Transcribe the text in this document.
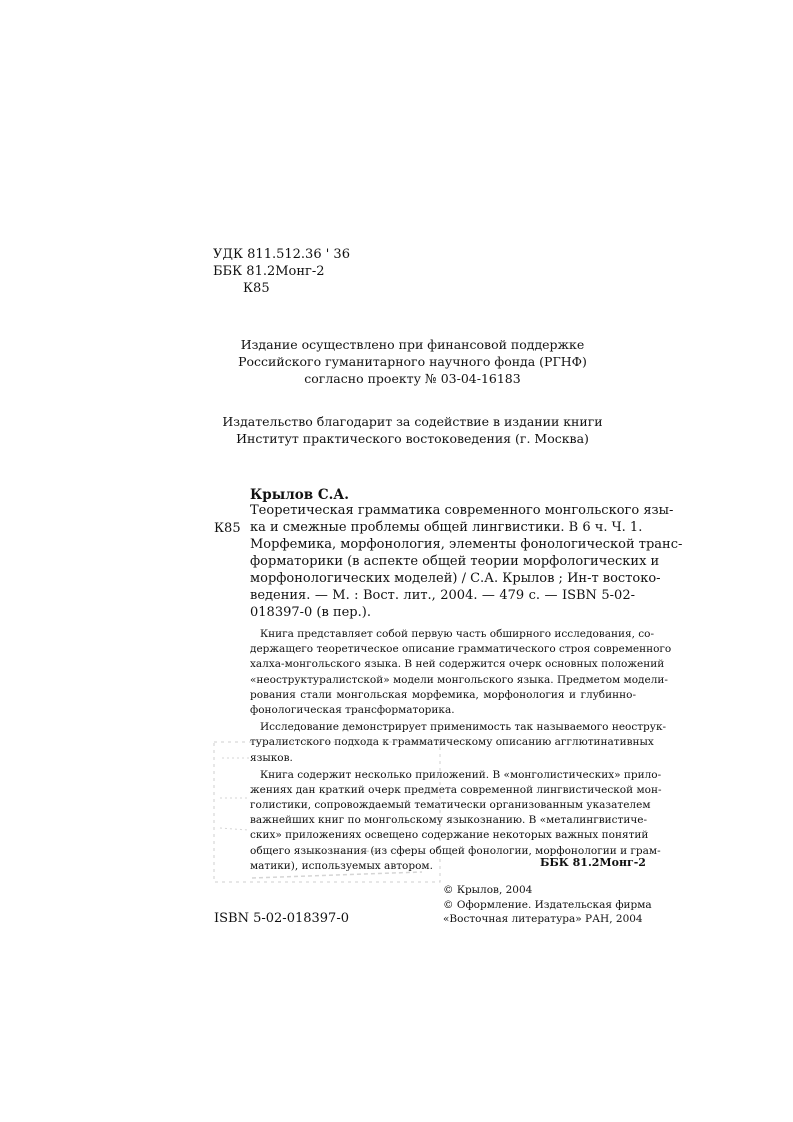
УДК 811.512.36 ' 36
ББК 81.2Монг-2
К85
Издание осуществлено при финансовой поддержке
Российского гуманитарного научного фонда (РГНФ)
согласно проекту № 03-04-16183
Издательство благодарит за содействие в издании книги
Институт практического востоковедения (г. Москва)
Крылов С.А.
К85
Теоретическая грамматика современного монгольского язы-
ка и смежные проблемы общей лингвистики. В 6 ч. Ч. 1.
Морфемика, морфонология, элементы фонологической транс-
форматорики (в аспекте общей теории морфологических и
морфонологических моделей) / С.А. Крылов ; Ин-т востоко-
ведения. — М. : Вост. лит., 2004. — 479 с. — ISBN 5-02-
018397-0 (в пер.).
Книга представляет собой первую часть обширного исследования, со-
держащего теоретическое описание грамматического строя современного
халха-монгольского языка. В ней содержится очерк основных положений
«неоструктуралистской» модели монгольского языка. Предметом модели-
рования стали монгольская морфемика, морфонология и глубинно-
фонологическая трансформаторика.
Исследование демонстрирует применимость так называемого неострук-
туралистского подхода к грамматическому описанию агглютинативных
языков.
Книга содержит несколько приложений. В «монголистических» прило-
жениях дан краткий очерк предмета современной лингвистической мон-
голистики, сопровождаемый тематически организованным указателем
важнейших книг по монгольскому языкознанию. В «металингвистиче-
ских» приложениях освещено содержание некоторых важных понятий
общего языкознания (из сферы общей фонологии, морфонологии и грам-
матики), используемых автором.	ББК 81.2Монг-2
© Крылов, 2004
© Оформление. Издательская фирма
«Восточная литература» РАН, 2004
ISBN 5-02-018397-0
